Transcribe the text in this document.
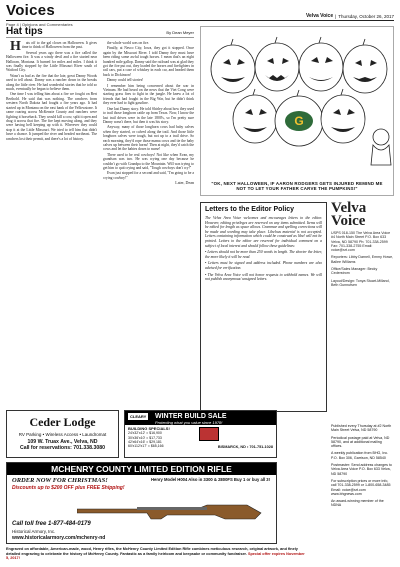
Voices	Velva Voice | Thursday, October 26, 2017
Page 4 | Opinions and Commentaries
Hat tips	By Dean Meyer

H ats off to the gal clown on Halloween. It gives time to think of Halloween from the past.

Several years ago there was a fire called the Halloween fire. It was a windy devil and a fire started near Halloran, Montana. It burned for miles and miles. I think it was finally stopped by the Little Missouri River south of Watford City.

Wasn't as bad as the fire that the late, great Danny Woods used to tell about. Danny was a rancher down in the breaks along the little river. He had wonderful stories that he told so much, eventually he began to believe them.

One time I was telling him about a fire we fought on Bert Berthold. He said that was nothing. The ranchers from western North Dakota had fought a fire years ago. It had started up in Montana on the east bank of the Yellowstone. It came roaring across McKenzie County and ranchers were fighting it horseback. They would kill a cow, split it open and drag it across that fire. The fire kept moving along, and they were having hell keeping up with it. Wherever they could stop it at the Little Missouri. We tried to tell him that didn't have a chance. It jumped the river and headed northeast. The ranchers lost their permit, and there's a lot of history.

the whole world was on fire.

Finally, at Nesco City, Iowa, they got it stopped. Once again by the Missouri River. I told Danny they must have been riding some awful tough horses. I mean that's an eight hundred mile gallop. Danny said the railroad was at glad they got the fire put out, they loaded the horses and firefighters in rail cars, put a case of whiskey in each car, and headed them back to Dickinson!

Danny could tell stories!

I remember him being concerned about the war in Vietnam. He had heard on the news that the Viet Cong were starting grass fires to fight in the jungle. He knew a lot of friends that had fought in the Big War, but he didn't think they ever had to fight gasoline.

One last Danny story. He told Shirley about how they used to trail those longhorn cattle up from Texas. Now, I know the last trail drives were in the late 1800's, so I'm pretty sure Danny wasn't there, but then it was his story.

Anyway, many of those longhorn cows had baby calves when they started, or calved along the trail. And those little longhorn calves were tough, but not up to a trail drive. So each morning, they'd rope those mama cows and tie the baby calves up between their horns! Then at night, they'd catch the cows and let the babies down to nurse!

There used to be real cowboys! Not like when Evan, my grandson was two. He was crying one day because he couldn't go with Grandpa to the Mountain. Will was trying to get him to quit crying and said, "Tough cowboys don't cry!"

Evan just stopped for a second and said, "I'm going to be a crying cowboy!"

Later, Dean
G
"OK, NEXT HALLOWEEN, IF AARON RODGERS GETS INJURED REMIND ME NOT TO LET YOUR FATHER CARVE THE PUMPKINS!"
Letters to the Editor Policy

The Velva Area Voice welcomes and encourages letters to the editor. However, editing privileges are reserved on any items submitted. Items will be edited for length as space allows. Grammar and spelling corrections will be made and wording may take place. Libelous material is not accepted. Letters containing information which could be construed as libel will not be printed. Letters to the editor are reserved for individual comment on a subject of local interest and should follow these guidelines:

• Letters should not be more than 250 words in length. The shorter the letter, the more likely it will be read.
• Letters must be signed and address included. Phone numbers are also advised for verification.
• The Velva Area Voice will not honor requests to withhold names. We will not publish anonymous/ unsigned letters.
Velva
Voice
USPS 018-150 The Velva Area Voice #4 North Main Street P.O. Box 633 Velva, ND 58790 Ph: 701-338-2599 Fax: 701-338-2755 Email: voice@srt.com
Reporters: Libby Darnell, Emmy Howe, Bailee Williams
Office/Sales Manager: Becky Cederstrom
Layout/Design: Tonya Stuart-Milland, Beth Gunnufsen
Ceder Lodge
RV Parking • Wireless Access • Laundromat
109 W. Truax Ave., Velva, ND
Call for reservations: 701.338.3080
WINTER BUILD SALE
Protecting what you value since 1978!
CLEARY
BUILDING SPECIALS!
24'x32'x12' = $16,900
30'x36'x10' = $17,733
42'x64'x16' = $29,181
60'x112'x17' = $65,166	BISMARCK, ND • 701-751-1028
Published every Thursday at #2 North Main Street Velva, ND 58790
Periodical postage paid at Velva, ND 58790, and at additional mailing offices.
A weekly publication from BHG, Inc. P.O. Box 306, Garrison, ND 58540
Postmaster: Send address changes to Velva Area Voice P.O. Box 633 Velva, ND 58790
For subscription prices or more info, call 701-338-2599 or 1-800-658-3485 Email: voice@srt.com www.bhgnews.com
An award-winning member of the
NDNA
MCHENRY COUNTY LIMITED EDITION RIFLE
ORDER NOW FOR CHRISTMAS!
Discounts up to $200 OFF plus FREE Shipping!
Henry Model H004 Also in 3300 & 2800FS Buy 1 or buy all 3!
Call toll free 1-877-484-0179
Historical Armory, Inc.
www.historicalarmory.com/mchenry-nd
Engraved on affordable, American-made, wood, Henry rifles, the McHenry County Limited Edition Rifle combines meticulous research, original artwork, and finely detailed engraving to celebrate the history of McHenry County. Fantastic as a family heirloom and keepsake or community fundraiser. Special offer expires November 5, 2017!
